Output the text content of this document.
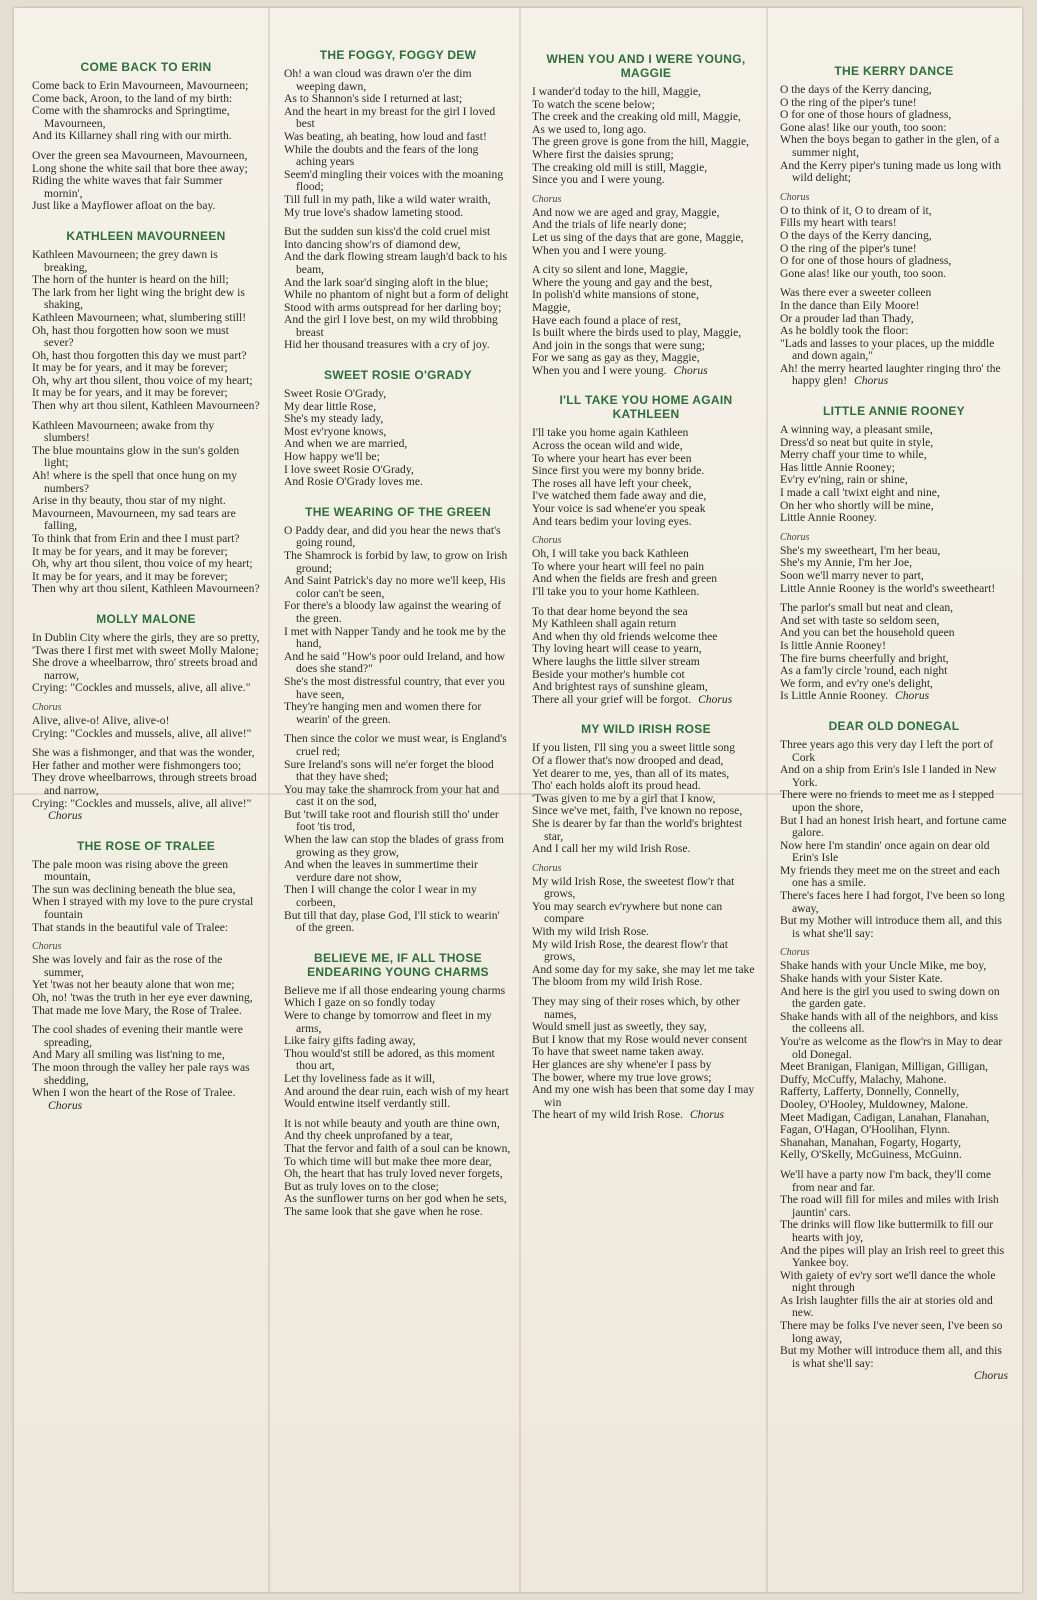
COME BACK TO ERIN
Come back to Erin Mavourneen, Mavourneen;
Come back, Aroon, to the land of my birth:
Come with the shamrocks and Springtime, Mavourneen,
And its Killarney shall ring with our mirth.
Over the green sea Mavourneen, Mavourneen,
Long shone the white sail that bore thee away;
Riding the white waves that fair Summer mornin',
Just like a Mayflower afloat on the bay.
KATHLEEN MAVOURNEEN
Kathleen Mavourneen; the grey dawn is breaking,
The horn of the hunter is heard on the hill;
The lark from her light wing the bright dew is shaking,
Kathleen Mavourneen; what, slumbering still!
Oh, hast thou forgotten how soon we must sever?
Oh, hast thou forgotten this day we must part?
It may be for years, and it may be forever;
Oh, why art thou silent, thou voice of my heart;
It may be for years, and it may be forever;
Then why art thou silent, Kathleen Mavourneen?
Kathleen Mavourneen; awake from thy slumbers!
The blue mountains glow in the sun's golden light;
Ah! where is the spell that once hung on my numbers?
Arise in thy beauty, thou star of my night.
Mavourneen, Mavourneen, my sad tears are falling,
To think that from Erin and thee I must part?
It may be for years, and it may be forever;
Oh, why art thou silent, thou voice of my heart;
It may be for years, and it may be forever;
Then why art thou silent, Kathleen Mavourneen?
MOLLY MALONE
In Dublin City where the girls, they are so pretty,
'Twas there I first met with sweet Molly Malone;
She drove a wheelbarrow, thro' streets broad and narrow,
Crying: "Cockles and mussels, alive, all alive."
Chorus
Alive, alive-o! Alive, alive-o!
Crying: "Cockles and mussels, alive, all alive!"
She was a fishmonger, and that was the wonder,
Her father and mother were fishmongers too;
They drove wheelbarrows, through streets broad and narrow,
Crying: "Cockles and mussels, alive, all alive!" Chorus
THE ROSE OF TRALEE
The pale moon was rising above the green mountain,
The sun was declining beneath the blue sea,
When I strayed with my love to the pure crystal fountain
That stands in the beautiful vale of Tralee:
Chorus
She was lovely and fair as the rose of the summer,
Yet 'twas not her beauty alone that won me;
Oh, no! 'twas the truth in her eye ever dawning,
That made me love Mary, the Rose of Tralee.
The cool shades of evening their mantle were spreading,
And Mary all smiling was list'ning to me,
The moon through the valley her pale rays was shedding,
When I won the heart of the Rose of Tralee. Chorus
THE FOGGY, FOGGY DEW
Oh! a wan cloud was drawn o'er the dim weeping dawn,
As to Shannon's side I returned at last;
And the heart in my breast for the girl I loved best
Was beating, ah beating, how loud and fast!
While the doubts and the fears of the long aching years
Seem'd mingling their voices with the moaning flood;
Till full in my path, like a wild water wraith,
My true love's shadow lameting stood.
But the sudden sun kiss'd the cold cruel mist
Into dancing show'rs of diamond dew,
And the dark flowing stream laugh'd back to his beam,
And the lark soar'd singing aloft in the blue;
While no phantom of night but a form of delight
Stood with arms outspread for her darling boy;
And the girl I love best, on my wild throbbing breast
Hid her thousand treasures with a cry of joy.
SWEET ROSIE O'GRADY
Sweet Rosie O'Grady,
My dear little Rose,
She's my steady lady,
Most ev'ryone knows,
And when we are married,
How happy we'll be;
I love sweet Rosie O'Grady,
And Rosie O'Grady loves me.
THE WEARING OF THE GREEN
O Paddy dear, and did you hear the news that's going round,
The Shamrock is forbid by law, to grow on Irish ground;
And Saint Patrick's day no more we'll keep, His color can't be seen,
For there's a bloody law against the wearing of the green.
I met with Napper Tandy and he took me by the hand,
And he said "How's poor ould Ireland, and how does she stand?"
She's the most distressful country, that ever you have seen,
They're hanging men and women there for wearin' of the green.
Then since the color we must wear, is England's cruel red;
Sure Ireland's sons will ne'er forget the blood that they have shed;
You may take the shamrock from your hat and cast it on the sod,
But 'twill take root and flourish still tho' under foot 'tis trod,
When the law can stop the blades of grass from growing as they grow,
And when the leaves in summertime their verdure dare not show,
Then I will change the color I wear in my corbeen,
But till that day, plase God, I'll stick to wearin' of the green.
BELIEVE ME, IF ALL THOSE ENDEARING YOUNG CHARMS
Believe me if all those endearing young charms
Which I gaze on so fondly today
Were to change by tomorrow and fleet in my arms,
Like fairy gifts fading away,
Thou would'st still be adored, as this moment thou art,
Let thy loveliness fade as it will,
And around the dear ruin, each wish of my heart
Would entwine itself verdantly still.
It is not while beauty and youth are thine own,
And thy cheek unprofaned by a tear,
That the fervor and faith of a soul can be known,
To which time will but make thee more dear,
Oh, the heart that has truly loved never forgets,
But as truly loves on to the close;
As the sunflower turns on her god when he sets,
The same look that she gave when he rose.
WHEN YOU AND I WERE YOUNG, MAGGIE
I wander'd today to the hill, Maggie,
To watch the scene below;
The creek and the creaking old mill, Maggie,
As we used to, long ago.
The green grove is gone from the hill, Maggie,
Where first the daisies sprung;
The creaking old mill is still, Maggie,
Since you and I were young.
Chorus
And now we are aged and gray, Maggie,
And the trials of life nearly done;
Let us sing of the days that are gone, Maggie,
When you and I were young.
A city so silent and lone, Maggie,
Where the young and gay and the best,
In polish'd white mansions of stone,
Maggie,
Have each found a place of rest,
Is built where the birds used to play, Maggie,
And join in the songs that were sung;
For we sang as gay as they, Maggie,
When you and I were young. Chorus
I'LL TAKE YOU HOME AGAIN KATHLEEN
I'll take you home again Kathleen
Across the ocean wild and wide,
To where your heart has ever been
Since first you were my bonny bride.
The roses all have left your cheek,
I've watched them fade away and die,
Your voice is sad whene'er you speak
And tears bedim your loving eyes.
Chorus
Oh, I will take you back Kathleen
To where your heart will feel no pain
And when the fields are fresh and green
I'll take you to your home Kathleen.
To that dear home beyond the sea
My Kathleen shall again return
And when thy old friends welcome thee
Thy loving heart will cease to yearn,
Where laughs the little silver stream
Beside your mother's humble cot
And brightest rays of sunshine gleam,
There all your grief will be forgot. Chorus
MY WILD IRISH ROSE
If you listen, I'll sing you a sweet little song
Of a flower that's now drooped and dead,
Yet dearer to me, yes, than all of its mates,
Tho' each holds aloft its proud head.
'Twas given to me by a girl that I know,
Since we've met, faith, I've known no repose,
She is dearer by far than the world's brightest star,
And I call her my wild Irish Rose.
Chorus
My wild Irish Rose, the sweetest flow'r that grows,
You may search ev'rywhere but none can compare
With my wild Irish Rose.
My wild Irish Rose, the dearest flow'r that grows,
And some day for my sake, she may let me take
The bloom from my wild Irish Rose.
They may sing of their roses which, by other names,
Would smell just as sweetly, they say,
But I know that my Rose would never consent
To have that sweet name taken away.
Her glances are shy whene'er I pass by
The bower, where my true love grows;
And my one wish has been that some day I may win
The heart of my wild Irish Rose. Chorus
THE KERRY DANCE
O the days of the Kerry dancing,
O the ring of the piper's tune!
O for one of those hours of gladness,
Gone alas! like our youth, too soon:
When the boys began to gather in the glen, of a summer night,
And the Kerry piper's tuning made us long with wild delight;
Chorus
O to think of it, O to dream of it,
Fills my heart with tears!
O the days of the Kerry dancing,
O the ring of the piper's tune!
O for one of those hours of gladness,
Gone alas! like our youth, too soon.
Was there ever a sweeter colleen
In the dance than Eily Moore!
Or a prouder lad than Thady,
As he boldly took the floor:
"Lads and lasses to your places, up the middle and down again,"
Ah! the merry hearted laughter ringing thro' the happy glen! Chorus
LITTLE ANNIE ROONEY
A winning way, a pleasant smile,
Dress'd so neat but quite in style,
Merry chaff your time to while,
Has little Annie Rooney;
Ev'ry ev'ning, rain or shine,
I made a call 'twixt eight and nine,
On her who shortly will be mine,
Little Annie Rooney.
Chorus
She's my sweetheart, I'm her beau,
She's my Annie, I'm her Joe,
Soon we'll marry never to part,
Little Annie Rooney is the world's sweetheart!
The parlor's small but neat and clean,
And set with taste so seldom seen,
And you can bet the household queen
Is little Annie Rooney!
The fire burns cheerfully and bright,
As a fam'ly circle 'round, each night
We form, and ev'ry one's delight,
Is Little Annie Rooney. Chorus
DEAR OLD DONEGAL
Three years ago this very day I left the port of Cork
And on a ship from Erin's Isle I landed in New York.
There were no friends to meet me as I stepped upon the shore,
But I had an honest Irish heart, and fortune came galore.
Now here I'm standin' once again on dear old Erin's Isle
My friends they meet me on the street and each one has a smile.
There's faces here I had forgot, I've been so long away,
But my Mother will introduce them all, and this is what she'll say:
Chorus
Shake hands with your Uncle Mike, me boy,
Shake hands with your Sister Kate.
And here is the girl you used to swing down on the garden gate.
Shake hands with all of the neighbors, and kiss the colleens all.
You're as welcome as the flow'rs in May to dear old Donegal.
Meet Branigan, Flanigan, Milligan, Gilligan,
Duffy, McCuffy, Malachy, Mahone.
Rafferty, Lafferty, Donnelly, Connelly,
Dooley, O'Hooley, Muldowney, Malone.
Meet Madigan, Cadigan, Lanahan, Flanahan,
Fagan, O'Hagan, O'Hoolihan, Flynn.
Shanahan, Manahan, Fogarty, Hogarty,
Kelly, O'Skelly, McGuiness, McGuinn.
We'll have a party now I'm back, they'll come from near and far.
The road will fill for miles and miles with Irish jauntin' cars.
The drinks will flow like buttermilk to fill our hearts with joy,
And the pipes will play an Irish reel to greet this Yankee boy.
With gaiety of ev'ry sort we'll dance the whole night through
As Irish laughter fills the air at stories old and new.
There may be folks I've never seen, I've been so long away,
But my Mother will introduce them all, and this is what she'll say:
Chorus
